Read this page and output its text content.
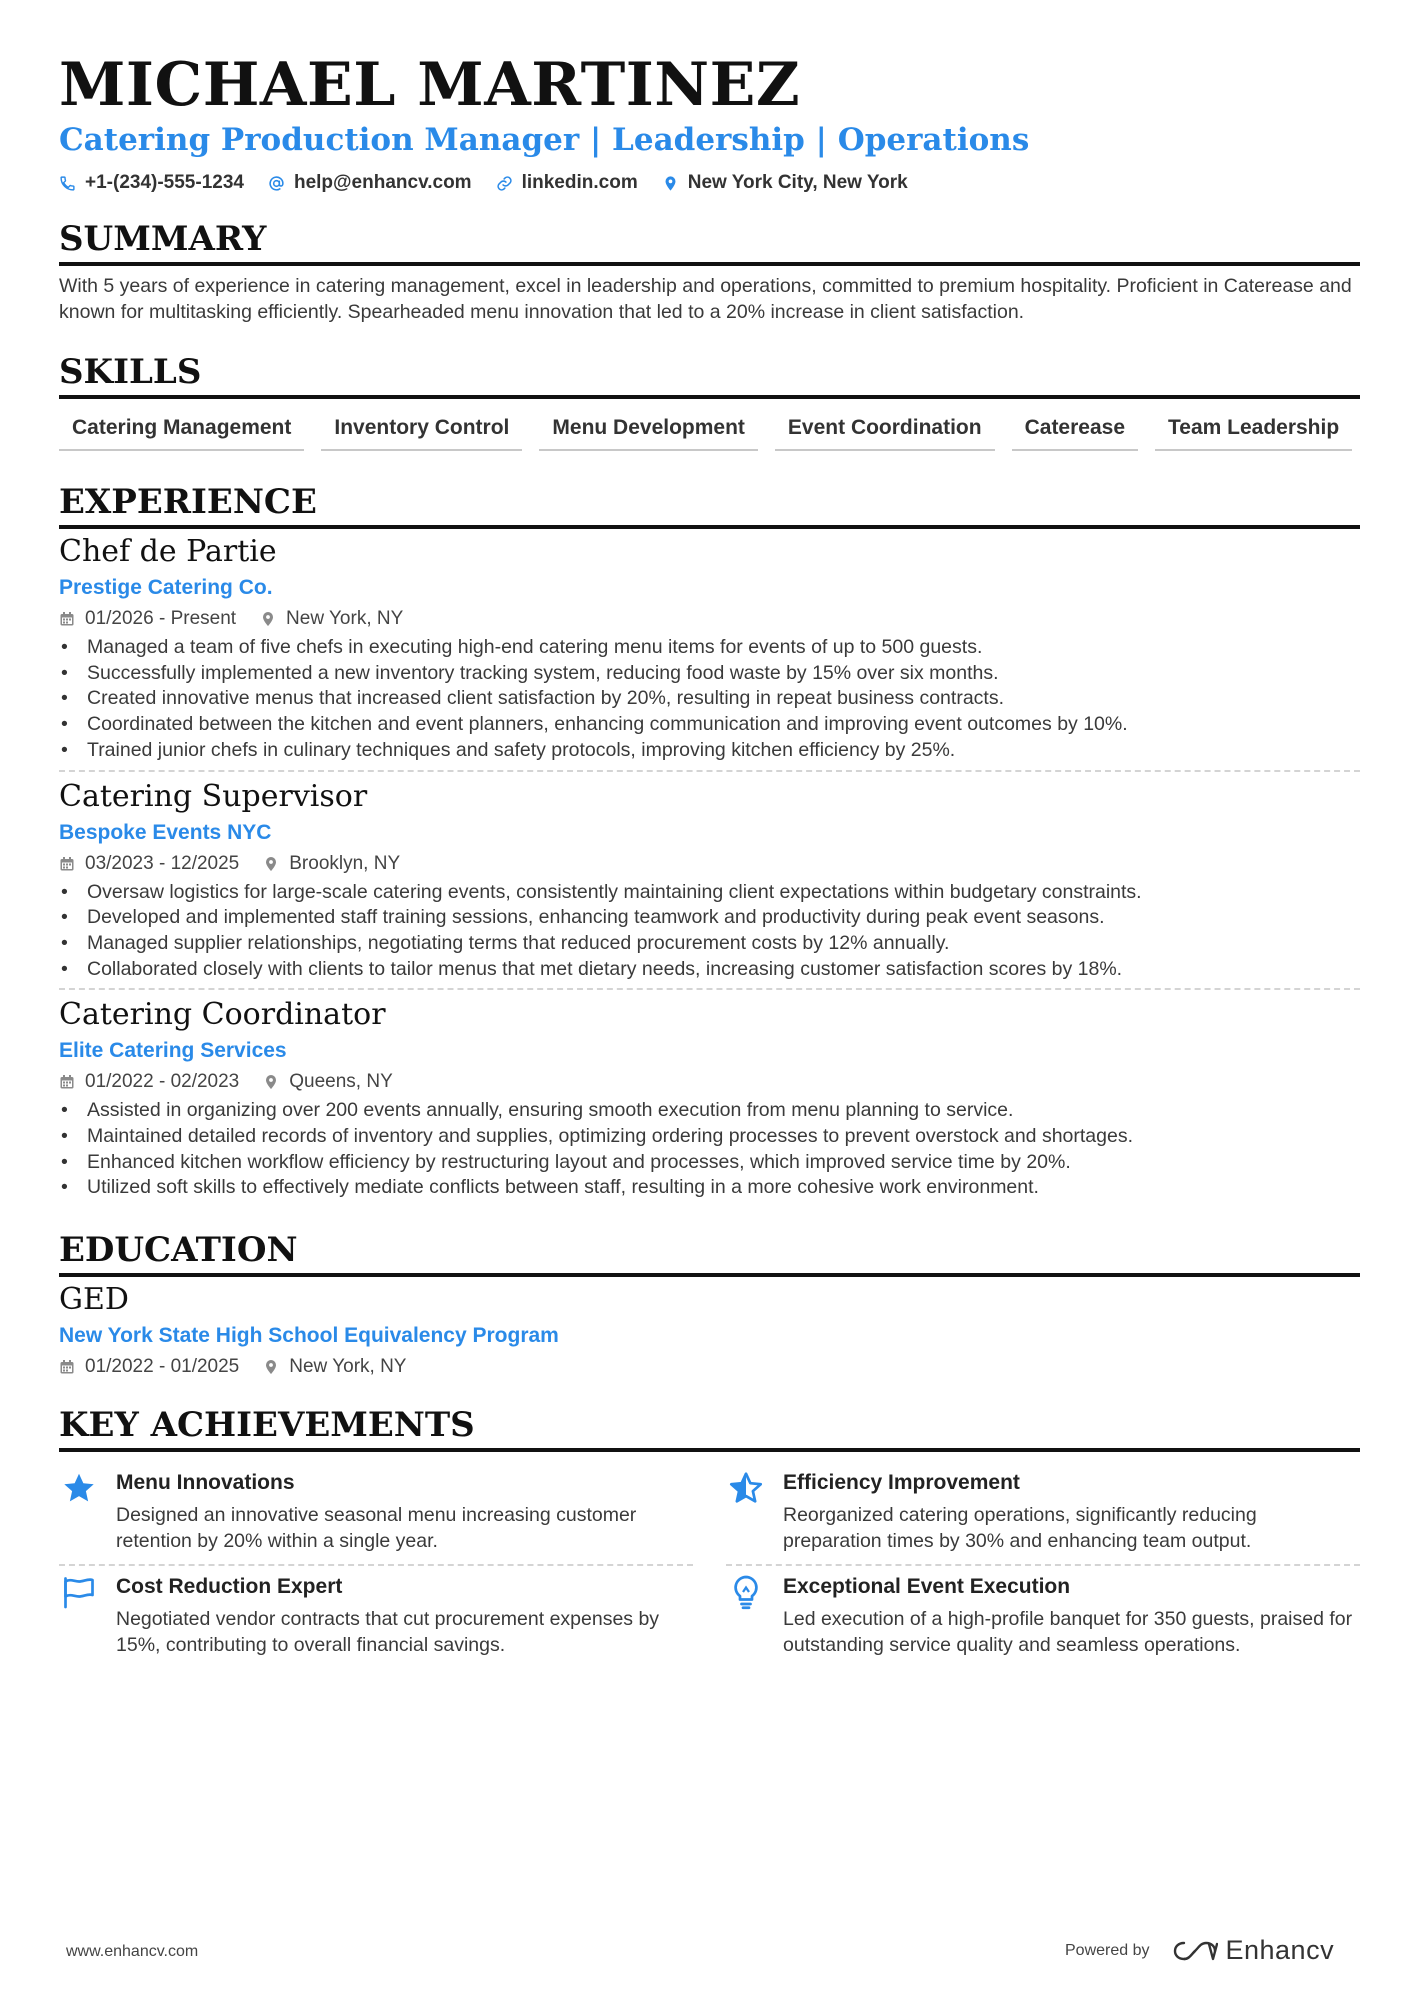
MICHAEL MARTINEZ
Catering Production Manager | Leadership | Operations
+1-(234)-555-1234	help@enhancv.com	linkedin.com	New York City, New York
SUMMARY
With 5 years of experience in catering management, excel in leadership and operations, committed to premium hospitality. Proficient in Caterease and known for multitasking efficiently. Spearheaded menu innovation that led to a 20% increase in client satisfaction.
SKILLS
Catering Management	Inventory Control	Menu Development	Event Coordination	Caterease	Team Leadership
EXPERIENCE
Chef de Partie
Prestige Catering Co.
01/2026 - Present	New York, NY
• Managed a team of five chefs in executing high-end catering menu items for events of up to 500 guests.
• Successfully implemented a new inventory tracking system, reducing food waste by 15% over six months.
• Created innovative menus that increased client satisfaction by 20%, resulting in repeat business contracts.
• Coordinated between the kitchen and event planners, enhancing communication and improving event outcomes by 10%.
• Trained junior chefs in culinary techniques and safety protocols, improving kitchen efficiency by 25%.
Catering Supervisor
Bespoke Events NYC
03/2023 - 12/2025	Brooklyn, NY
• Oversaw logistics for large-scale catering events, consistently maintaining client expectations within budgetary constraints.
• Developed and implemented staff training sessions, enhancing teamwork and productivity during peak event seasons.
• Managed supplier relationships, negotiating terms that reduced procurement costs by 12% annually.
• Collaborated closely with clients to tailor menus that met dietary needs, increasing customer satisfaction scores by 18%.
Catering Coordinator
Elite Catering Services
01/2022 - 02/2023	Queens, NY
• Assisted in organizing over 200 events annually, ensuring smooth execution from menu planning to service.
• Maintained detailed records of inventory and supplies, optimizing ordering processes to prevent overstock and shortages.
• Enhanced kitchen workflow efficiency by restructuring layout and processes, which improved service time by 20%.
• Utilized soft skills to effectively mediate conflicts between staff, resulting in a more cohesive work environment.
EDUCATION
GED
New York State High School Equivalency Program
01/2022 - 01/2025	New York, NY
KEY ACHIEVEMENTS
Menu Innovations
Designed an innovative seasonal menu increasing customer retention by 20% within a single year.
Efficiency Improvement
Reorganized catering operations, significantly reducing preparation times by 30% and enhancing team output.
Cost Reduction Expert
Negotiated vendor contracts that cut procurement expenses by 15%, contributing to overall financial savings.
Exceptional Event Execution
Led execution of a high-profile banquet for 350 guests, praised for outstanding service quality and seamless operations.
www.enhancv.com	Powered by	Enhancv
